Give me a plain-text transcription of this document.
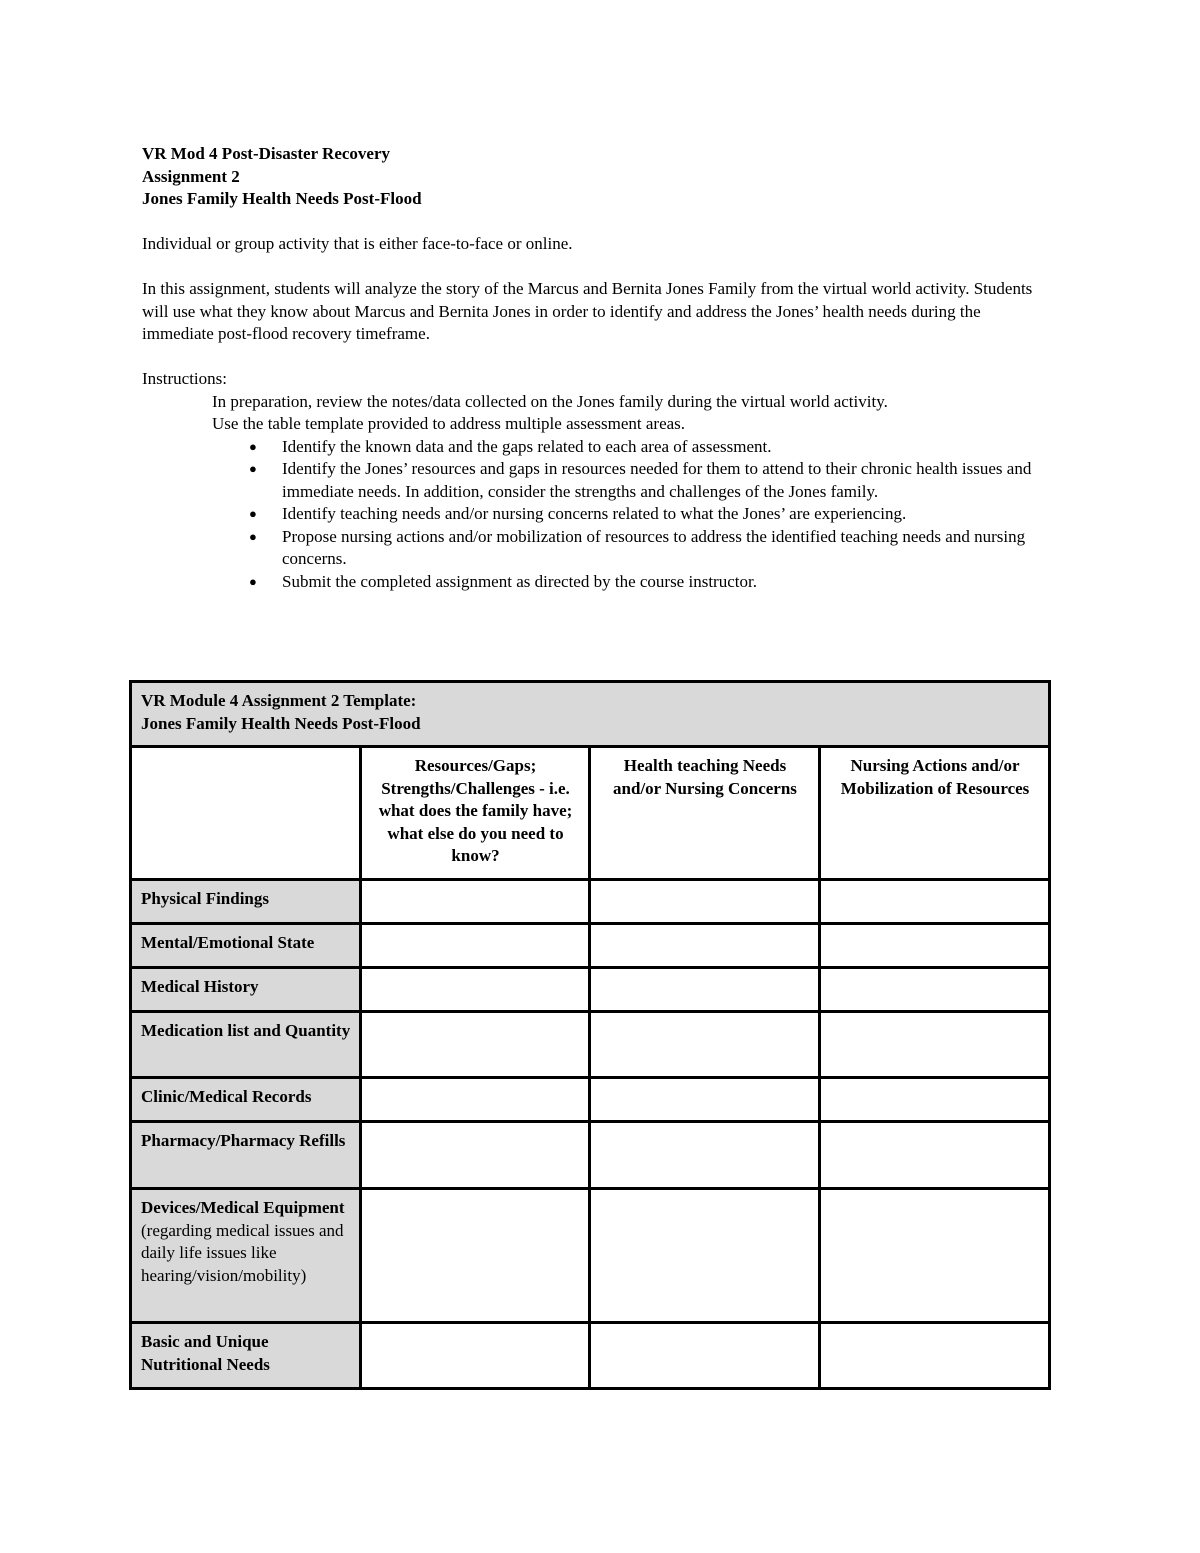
VR Mod 4 Post-Disaster Recovery
Assignment 2
Jones Family Health Needs Post-Flood

Individual or group activity that is either face-to-face or online.

In this assignment, students will analyze the story of the Marcus and Bernita Jones Family from the virtual world activity. Students will use what they know about Marcus and Bernita Jones in order to identify and address the Jones’ health needs during the immediate post-flood recovery timeframe.

Instructions:
In preparation, review the notes/data collected on the Jones family during the virtual world activity.
Use the table template provided to address multiple assessment areas.
● Identify the known data and the gaps related to each area of assessment.
● Identify the Jones’ resources and gaps in resources needed for them to attend to their chronic health issues and immediate needs. In addition, consider the strengths and challenges of the Jones family.
● Identify teaching needs and/or nursing concerns related to what the Jones’ are experiencing.
● Propose nursing actions and/or mobilization of resources to address the identified teaching needs and nursing concerns.
● Submit the completed assignment as directed by the course instructor.
VR Module 4 Assignment 2 Template:
Jones Family Health Needs Post-Flood			

	Resources/Gaps; Strengths/Challenges - i.e. what does the family have; what else do you need to know?	Health teaching Needs and/or Nursing Concerns	Nursing Actions and/or Mobilization of Resources
Physical Findings			
Mental/Emotional State			
Medical History			
Medication list and Quantity			
Clinic/Medical Records			
Pharmacy/Pharmacy Refills			
Devices/Medical Equipment (regarding medical issues and daily life issues like hearing/vision/mobility)			
Basic and Unique Nutritional Needs			
